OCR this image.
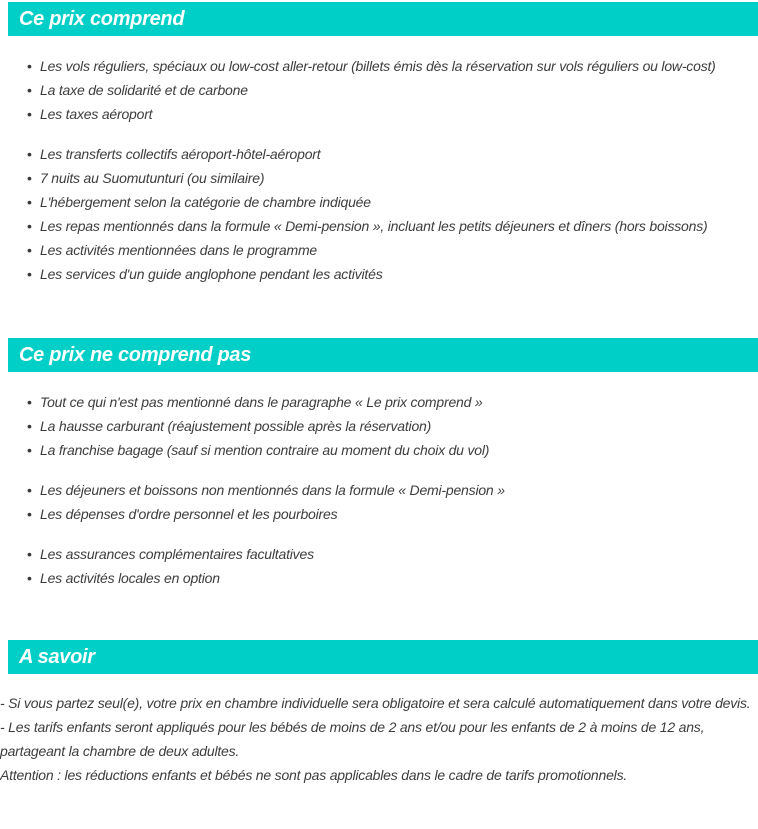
Ce prix comprend
• Les vols réguliers, spéciaux ou low-cost aller-retour (billets émis dès la réservation sur vols réguliers ou low-cost)
• La taxe de solidarité et de carbone
• Les taxes aéroport
• Les transferts collectifs aéroport-hôtel-aéroport
• 7 nuits au Suomutunturi (ou similaire)
• L'hébergement selon la catégorie de chambre indiquée
• Les repas mentionnés dans la formule « Demi-pension », incluant les petits déjeuners et dîners (hors boissons)
• Les activités mentionnées dans le programme
• Les services d'un guide anglophone pendant les activités
Ce prix ne comprend pas
• Tout ce qui n'est pas mentionné dans le paragraphe « Le prix comprend »
• La hausse carburant (réajustement possible après la réservation)
• La franchise bagage (sauf si mention contraire au moment du choix du vol)
• Les déjeuners et boissons non mentionnés dans la formule « Demi-pension »
• Les dépenses d'ordre personnel et les pourboires
• Les assurances complémentaires facultatives
• Les activités locales en option
A savoir

- Si vous partez seul(e), votre prix en chambre individuelle sera obligatoire et sera calculé automatiquement dans votre devis.

- Les tarifs enfants seront appliqués pour les bébés de moins de 2 ans et/ou pour les enfants de 2 à moins de 12 ans, partageant la chambre de deux adultes.

Attention : les réductions enfants et bébés ne sont pas applicables dans le cadre de tarifs promotionnels.
